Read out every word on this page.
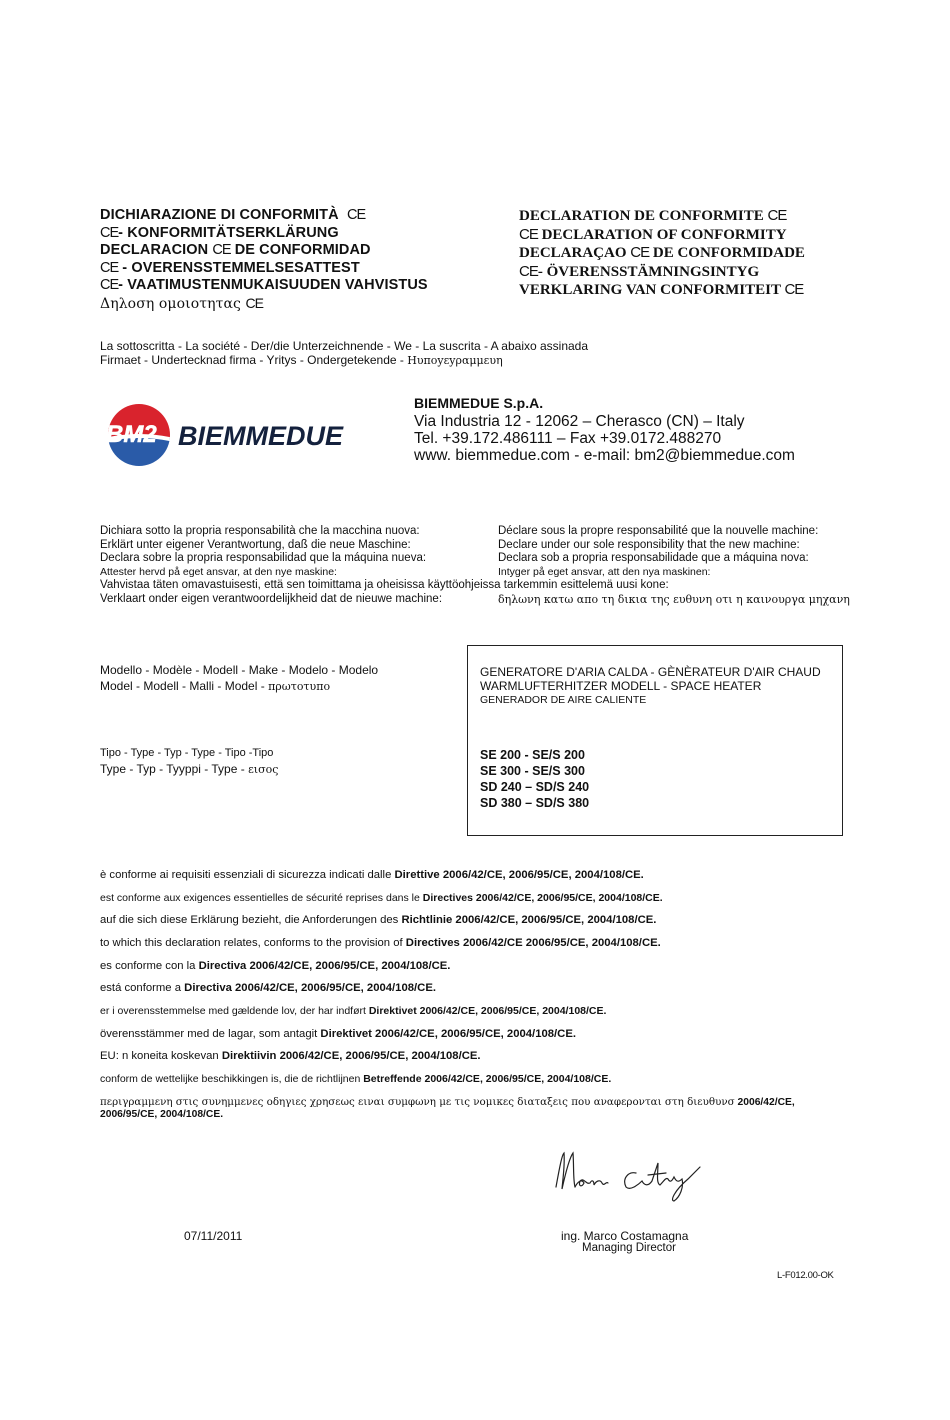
DICHIARAZIONE DI CONFORMITÀ CE
CE- KONFORMITÄTSERKLÄRUNG
DECLARACION CE DE CONFORMIDAD
CE - OVERENSSTEMMELSESATTEST
CE- VAATIMUSTENMUKAISUUDEN VAHVISTUS
Δηλοση ομοιοτητας CE
DECLARATION DE CONFORMITE CE
CE DECLARATION OF CONFORMITY
DECLARAÇAO CE DE CONFORMIDADE
CE- ÖVERENSSTÄMNINGSINTYG
VERKLARING VAN CONFORMITEIT CE
La sottoscritta - La société - Der/die Unterzeichnende - We - La suscrita - A abaixo assinada
Firmaet - Undertecknad firma - Yritys - Ondergetekende - Ηυποyεyραμμευη
BM2 BIEMMEDUE
BIEMMEDUE S.p.A.
Via Industria 12 - 12062 – Cherasco (CN) – Italy
Tel. +39.172.486111 – Fax +39.0172.488270
www. biemmedue.com - e-mail: bm2@biemmedue.com
Dichiara sotto la propria responsabilità che la macchina nuova:
Erklärt unter eigener Verantwortung, daß die neue Maschine:
Declara sobre la propria responsabilidad que la máquina nueva:
Attester hervd på eget ansvar, at den nye maskine:
Vahvistaa täten omavastuisesti, että sen toimittama ja oheisissa käyttöohjeissa tarkemmin esittelemä uusi kone:
Verklaart onder eigen verantwoordelijkheid dat de nieuwe machine:
Déclare sous la propre responsabilité que la nouvelle machine:
Declare under our sole responsibility that the new machine:
Declara sob a propria responsabilidade que a máquina nova:
Intyger på eget ansvar, att den nya maskinen:
δηλωνη κατω απο τη δικια της ευθυνη οτι η καινουργα μηχανη
Modello - Modèle - Modell - Make - Modelo - Modelo
Model - Modell - Malli - Model - πρωτοτυπο
Tipo - Type - Typ - Type - Tipo -Tipo
Type - Typ - Tyyppi - Type - εισος
GENERATORE D'ARIA CALDA - GÈNÈRATEUR D'AIR CHAUD
WARMLUFTERHITZER MODELL - SPACE HEATER
GENERADOR DE AIRE CALIENTE
SE 200 - SE/S 200
SE 300 - SE/S 300
SD 240 – SD/S 240
SD 380 – SD/S 380
è conforme ai requisiti essenziali di sicurezza indicati dalle Direttive 2006/42/CE, 2006/95/CE, 2004/108/CE.
est conforme aux exigences essentielles de sécurité reprises dans le Directives 2006/42/CE, 2006/95/CE, 2004/108/CE.
auf die sich diese Erklärung bezieht, die Anforderungen des Richtlinie 2006/42/CE, 2006/95/CE, 2004/108/CE.
to which this declaration relates, conforms to the provision of Directives 2006/42/CE 2006/95/CE, 2004/108/CE.
es conforme con la Directiva 2006/42/CE, 2006/95/CE, 2004/108/CE.
está conforme a Directiva 2006/42/CE, 2006/95/CE, 2004/108/CE.
er i overensstemmelse med gældende lov, der har indført Direktivet 2006/42/CE, 2006/95/CE, 2004/108/CE.
överensstämmer med de lagar, som antagit Direktivet 2006/42/CE, 2006/95/CE, 2004/108/CE.
EU: n koneita koskevan Direktiivin 2006/42/CE, 2006/95/CE, 2004/108/CE.
conform de wettelijke beschikkingen is, die de richtlijnen Betreffende 2006/42/CE, 2006/95/CE, 2004/108/CE.
περιγραμμενη στις συνημμενες οδηγιες χρησεως ειναι συμφωνη με τις νομικες διαταξεις που αναφερονται στη διευθυνσ 2006/42/CE,
2006/95/CE, 2004/108/CE.
07/11/2011	ing. Marco Costamagna
Managing Director
L-F012.00-OK
